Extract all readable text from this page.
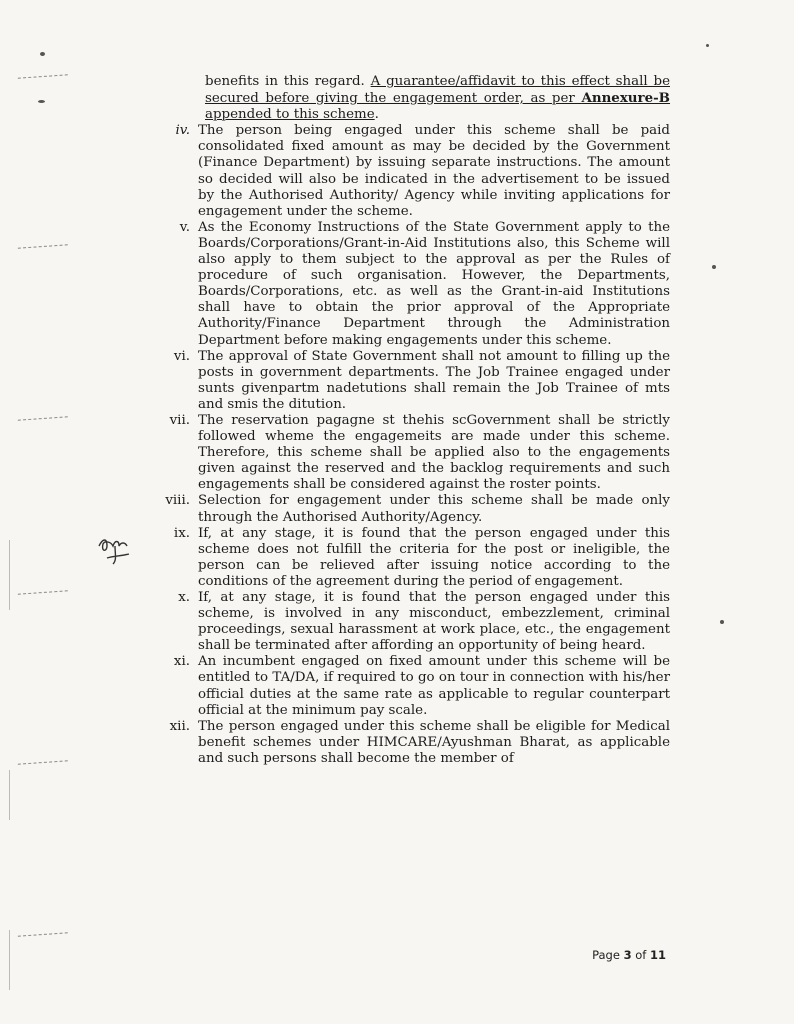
benefits in this regard. A guarantee/affidavit to this effect shall be secured before giving the engagement order, as per Annexure-B appended to this scheme.

iv. The person being engaged under this scheme shall be paid consolidated fixed amount as may be decided by the Government (Finance Department) by issuing separate instructions. The amount so decided will also be indicated in the advertisement to be issued by the Authorised Authority/ Agency while inviting applications for engagement under the scheme.
v. As the Economy Instructions of the State Government apply to the Boards/Corporations/Grant-in-Aid Institutions also, this Scheme will also apply to them subject to the approval as per the Rules of procedure of such organisation. However, the Departments, Boards/Corporations, etc. as well as the Grant-in-aid Institutions shall have to obtain the prior approval of the Appropriate Authority/Finance Department through the Administration Department before making engagements under this scheme.
vi. The approval of State Government shall not amount to filling up the posts in government departments. The Job Trainee engaged under sunts givenpartm nadetutions shall remain the Job Trainee of mts and smis the ditution.
vii. The reservation pagagne st thehis scGovernment shall be strictly followed wheme the engagemeits are made under this scheme. Therefore, this scheme shall be applied also to the engagements given against the reserved and the backlog requirements and such engagements shall be considered against the roster points.
viii. Selection for engagement under this scheme shall be made only through the Authorised Authority/Agency.
ix. If, at any stage, it is found that the person engaged under this scheme does not fulfill the criteria for the post or ineligible, the person can be relieved after issuing notice according to the conditions of the agreement during the period of engagement.
x. If, at any stage, it is found that the person engaged under this scheme, is involved in any misconduct, embezzlement, criminal proceedings, sexual harassment at work place, etc., the engagement shall be terminated after affording an opportunity of being heard.
xi. An incumbent engaged on fixed amount under this scheme will be entitled to TA/DA, if required to go on tour in connection with his/her official duties at the same rate as applicable to regular counterpart official at the minimum pay scale.
xii. The person engaged under this scheme shall be eligible for Medical benefit schemes under HIMCARE/Ayushman Bharat, as applicable and such persons shall become the member of
Page 3 of 11
